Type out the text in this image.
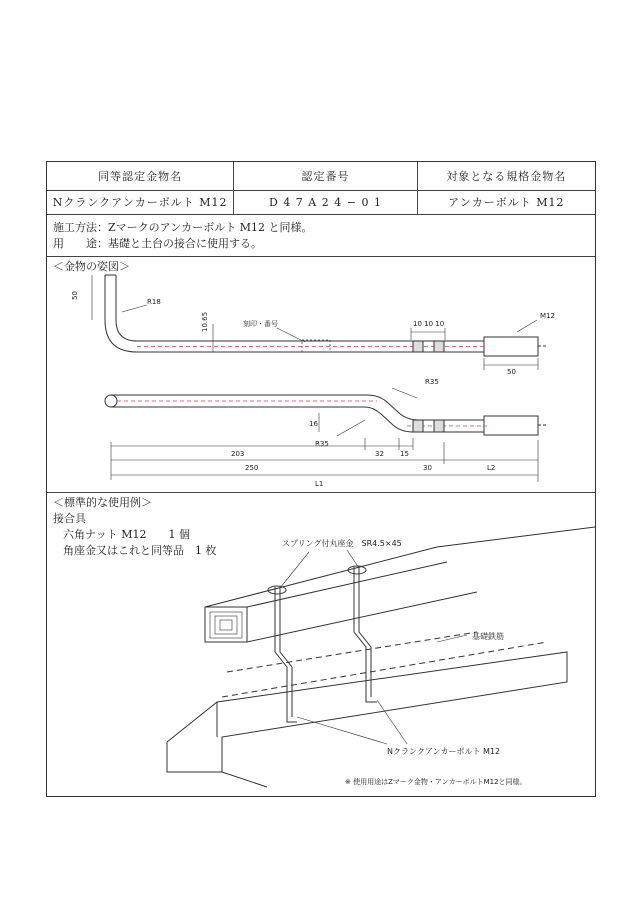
同等認定金物名	認定番号	対象となる規格金物名
Nクランクアンカーボルト M12	D 4 7 A 2 4 − 0 1	アンカーボルト M12
施工方法：Zマークのアンカーボルト M12 と同様。
用　　途：基礎と土台の接合に使用する。
＜金物の姿図＞
50
R18
10.65	刻印・番号	10 10 10
M12
50
R35
16
R35
32 15
203
250	30	L2
L1
＜標準的な使用例＞
接合具
六角ナット M12　　1 個
角座金又はこれと同等品　1 枚
スプリング付丸座金　SR4.5×45
基礎鉄筋
Nクランクアンカーボルト M12
※ 使用用途はZマーク金物・アンカーボルトM12と同様。
